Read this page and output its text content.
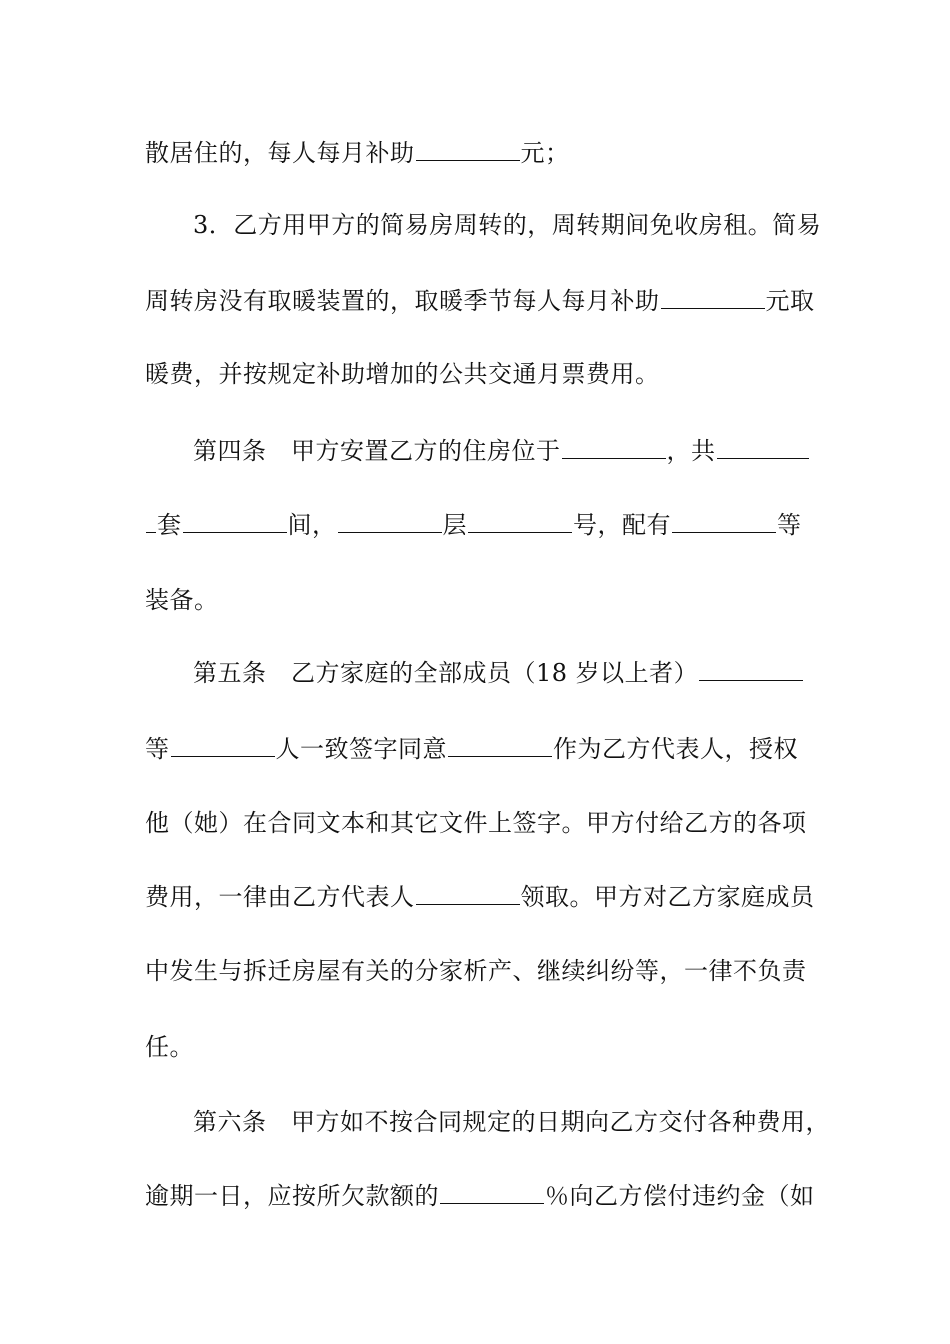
散居住的，每人每月补助	元；
3．乙方用甲方的简易房周转的，周转期间免收房租。简易
周转房没有取暖装置的，取暖季节每人每月补助	元取
暖费，并按规定补助增加的公共交通月票费用。
第四条　甲方安置乙方的住房位于	，共
套	间，	层	号，配有	等
装备。
第五条　乙方家庭的全部成员（18 岁以上者）
等	人一致签字同意	作为乙方代表人，授权
他（她）在合同文本和其它文件上签字。甲方付给乙方的各项
费用，一律由乙方代表人	领取。甲方对乙方家庭成员
中发生与拆迁房屋有关的分家析产、继续纠纷等，一律不负责
任。
第六条　甲方如不按合同规定的日期向乙方交付各种费用，
逾期一日，应按所欠款额的	％向乙方偿付违约金（如
